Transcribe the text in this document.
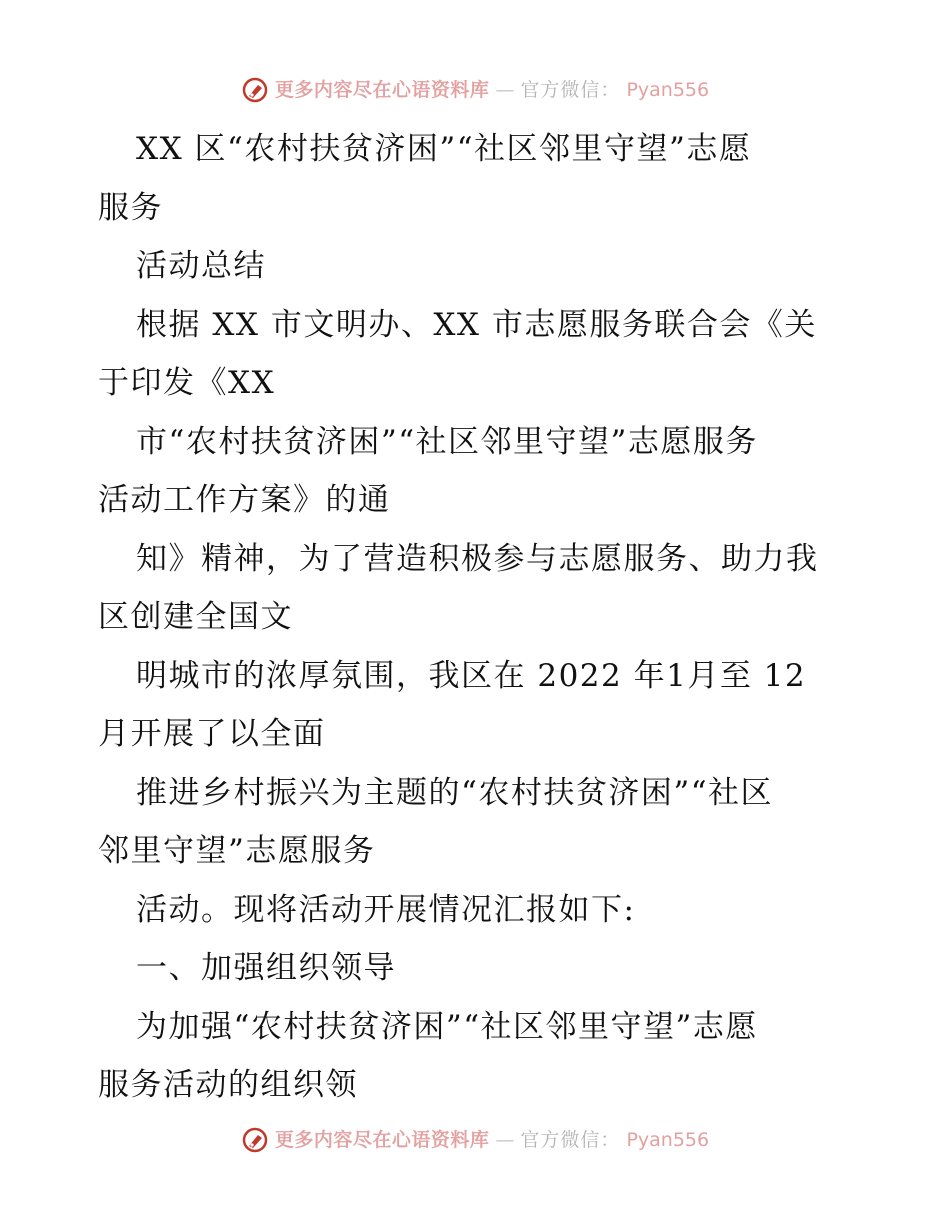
更多内容尽在心语资料库 — 官方微信： Pyan556
XX 区“农村扶贫济困”“社区邻里守望”志愿
服务
活动总结
根据 XX 市文明办、XX 市志愿服务联合会《关
于印发《XX
市“农村扶贫济困”“社区邻里守望”志愿服务
活动工作方案》的通
知》精神，为了营造积极参与志愿服务、助力我
区创建全国文
明城市的浓厚氛围，我区在 2022 年1月至 12
月开展了以全面
推进乡村振兴为主题的“农村扶贫济困”“社区
邻里守望”志愿服务
活动。现将活动开展情况汇报如下:
一、加强组织领导
为加强“农村扶贫济困”“社区邻里守望”志愿
服务活动的组织领
更多内容尽在心语资料库 — 官方微信： Pyan556
